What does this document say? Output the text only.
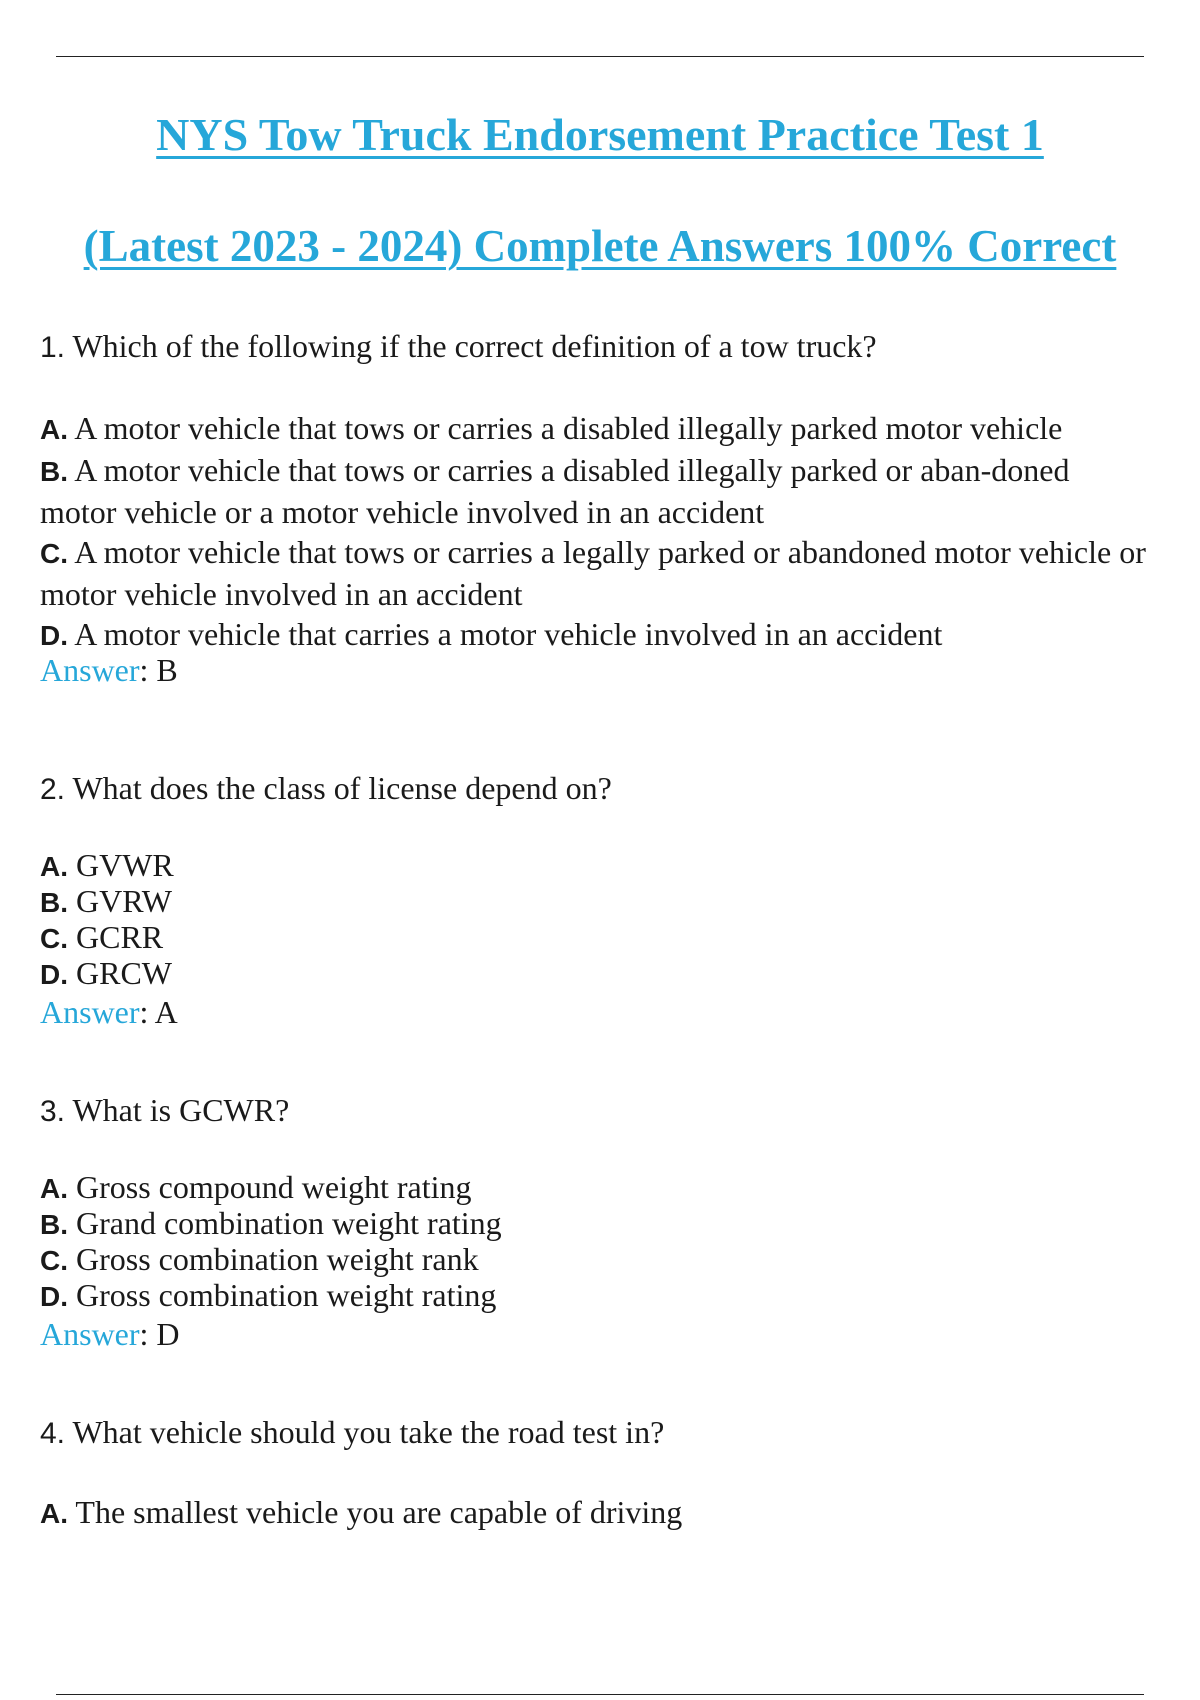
NYS Tow Truck Endorsement Practice Test 1
(Latest 2023 - 2024) Complete Answers 100% Correct
1. Which of the following if the correct definition of a tow truck?
A. A motor vehicle that tows or carries a disabled illegally parked motor vehicle
B. A motor vehicle that tows or carries a disabled illegally parked or aban-doned motor vehicle or a motor vehicle involved in an accident
C. A motor vehicle that tows or carries a legally parked or abandoned motor vehicle or motor vehicle involved in an accident
D. A motor vehicle that carries a motor vehicle involved in an accident
Answer: B
2. What does the class of license depend on?
A. GVWR
B. GVRW
C. GCRR
D. GRCW
Answer: A
3. What is GCWR?
A. Gross compound weight rating
B. Grand combination weight rating
C. Gross combination weight rank
D. Gross combination weight rating
Answer: D
4. What vehicle should you take the road test in?
A. The smallest vehicle you are capable of driving
